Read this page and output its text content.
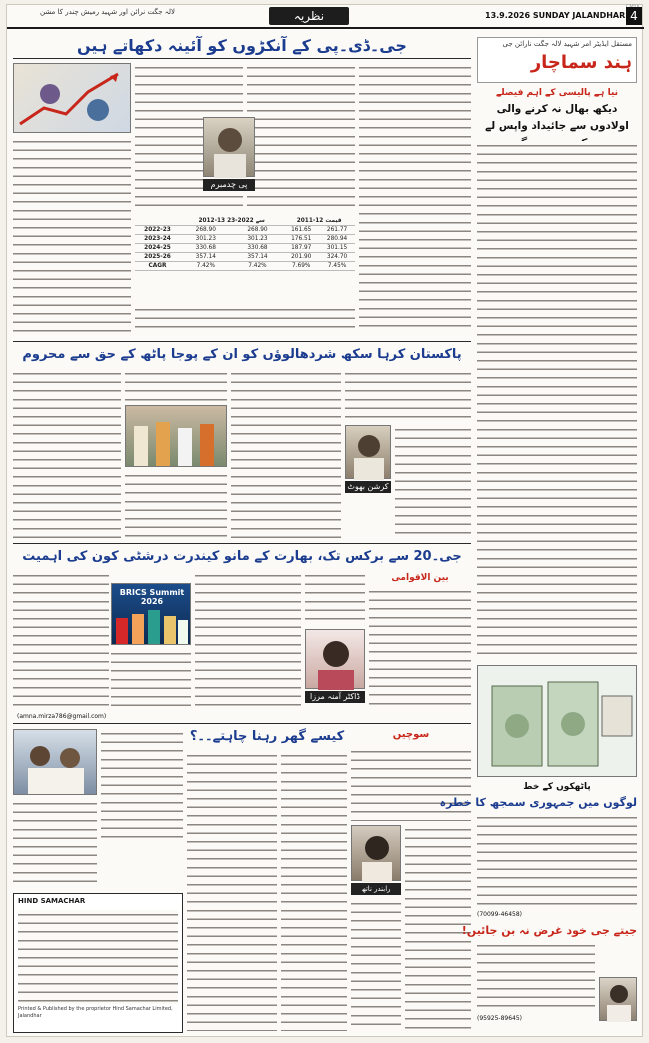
لالہ جگت نرائن اور شہید رمیش چندر کا مشن	نظریہ	13.9.2026 SUNDAY JALANDHAR 4
مستقل ایڈیٹر امر شہید لالہ جگت نارائن جی
ہند سماچار
جی۔ڈی۔پی کے آنکڑوں کو آئینہ دکھاتے ہیں
پی چدمبرم
	2012-13 سے 2022-23		2011-12 قیمت	
2022-23	268.90	268.90	161.65	261.77
2023-24	301.23	301.23	176.51	280.94
2024-25	330.68	330.68	187.97	301.15
2025-26	357.14	357.14	201.90	324.70
CAGR	7.42%	7.42%	7.69%	7.45%
نیا ہے پالیسی کے اہم فیصلے
دیکھ بھال نہ کرنے والی اولادوں سے جائیداد واپس لے
پاکستان کرہا سکھ شردھالوؤں کو ان کے پوجا پاٹھ کے حق سے محروم
کرشن بھوٹ
جی۔20 سے برکس تک، بھارت کے مانو کیندرت درشٹی کون کی اہمیت
BRICS Summit 2026
ڈاکٹر آمنہ مرزا
بین الاقوامی
(amna.mirza786@gmail.com)
کیسے گھر رہنا چاہتے۔۔؟	سوچیں
رابندر ناتھ
HIND SAMACHAR
Printed & Published by the proprietor Hind Samachar Limited, Jalandhar
پاٹھکوں کے خط
لوگوں میں جمہوری سمجھ کا خطرہ
(70099-46458)
جیتے جی خود غرض نہ بن جائیں!
(95925-89645)
